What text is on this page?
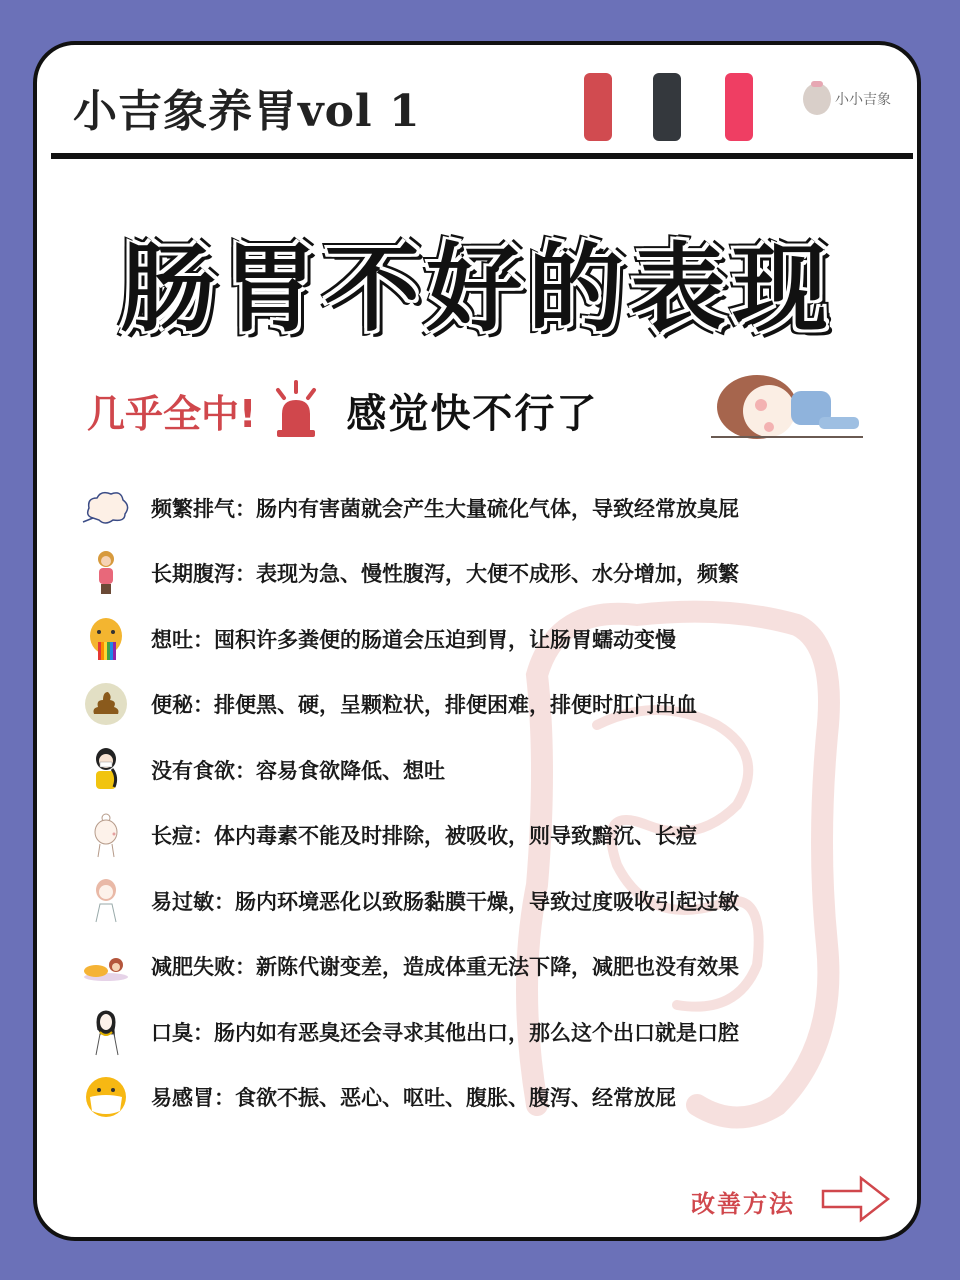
小吉象养胃vol 1	小小吉象
肠胃不好的表现
几乎全中! 感觉快不行了
频繁排气：肠内有害菌就会产生大量硫化气体，导致经常放臭屁
长期腹泻：表现为急、慢性腹泻，大便不成形、水分增加，频繁
想吐：囤积许多粪便的肠道会压迫到胃，让肠胃蠕动变慢
便秘：排便黑、硬，呈颗粒状，排便困难，排便时肛门出血
没有食欲：容易食欲降低、想吐
长痘：体内毒素不能及时排除，被吸收，则导致黯沉、长痘
易过敏：肠内环境恶化以致肠黏膜干燥，导致过度吸收引起过敏
减肥失败：新陈代谢变差，造成体重无法下降，减肥也没有效果
口臭：肠内如有恶臭还会寻求其他出口，那么这个出口就是口腔
易感冒：食欲不振、恶心、呕吐、腹胀、腹泻、经常放屁
改善方法
